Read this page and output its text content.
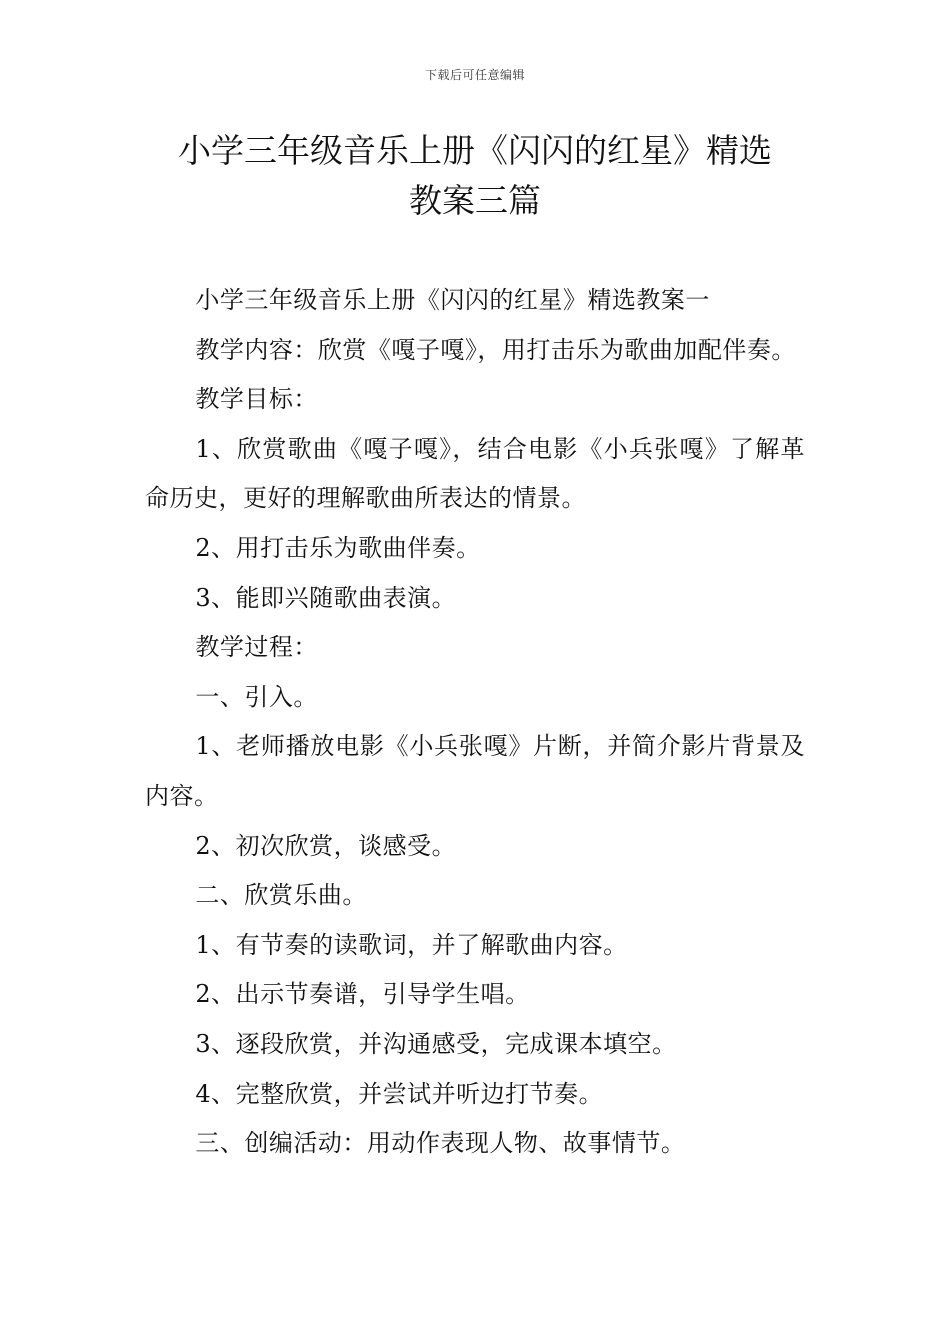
下载后可任意编辑
小学三年级音乐上册《闪闪的红星》精选
教案三篇

小学三年级音乐上册《闪闪的红星》精选教案一

教学内容：欣赏《嘎子嘎》，用打击乐为歌曲加配伴奏。

教学目标：

1、欣赏歌曲《嘎子嘎》，结合电影《小兵张嘎》了解革命历史，更好的理解歌曲所表达的情景。

2、用打击乐为歌曲伴奏。

3、能即兴随歌曲表演。

教学过程：

一、引入。

1、老师播放电影《小兵张嘎》片断，并简介影片背景及内容。

2、初次欣赏，谈感受。

二、欣赏乐曲。

1、有节奏的读歌词，并了解歌曲内容。

2、出示节奏谱，引导学生唱。

3、逐段欣赏，并沟通感受，完成课本填空。

4、完整欣赏，并尝试并听边打节奏。

三、创编活动：用动作表现人物、故事情节。
